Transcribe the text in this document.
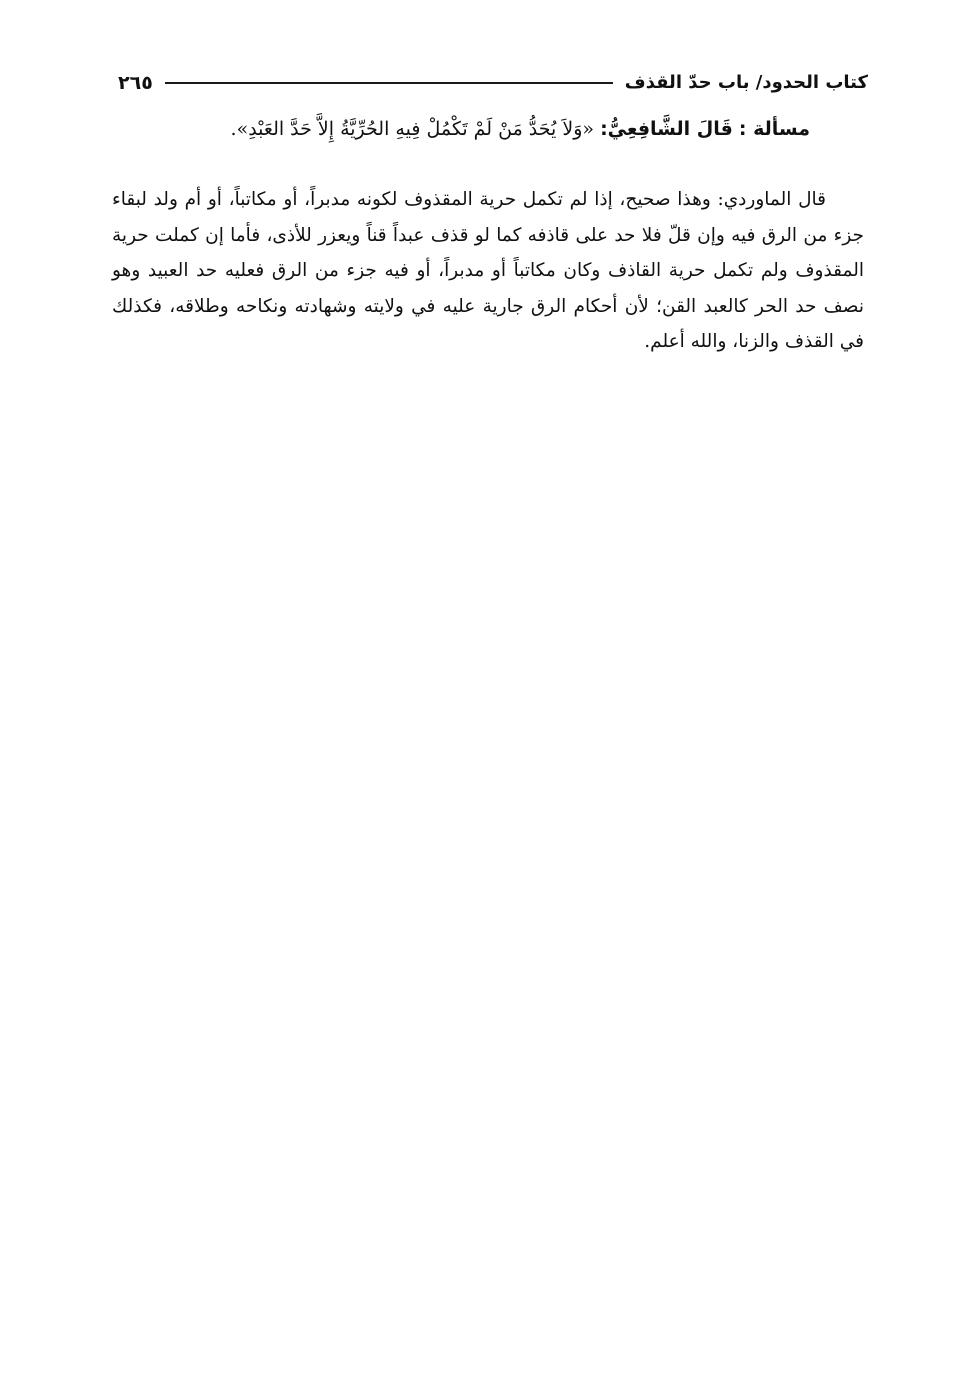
كتاب الحدود/ باب حدّ القذف
٢٦٥
مسألة : قَالَ الشَّافِعِيُّ: «وَلاَ يُحَدُّ مَنْ لَمْ تَكْمُلْ فِيهِ الحُرِّيَّةُ إِلاَّ حَدَّ العَبْدِ».

قال الماوردي: وهذا صحيح، إذا لم تكمل حرية المقذوف لكونه مدبراً، أو مكاتباً، أو أم ولد لبقاء جزء من الرق فيه وإن قلّ فلا حد على قاذفه كما لو قذف عبداً قناً ويعزر للأذى، فأما إن كملت حرية المقذوف ولم تكمل حرية القاذف وكان مكاتباً أو مدبراً، أو فيه جزء من الرق فعليه حد العبيد وهو نصف حد الحر كالعبد القن؛ لأن أحكام الرق جارية عليه في ولايته وشهادته ونكاحه وطلاقه، فكذلك في القذف والزنا، والله أعلم.
